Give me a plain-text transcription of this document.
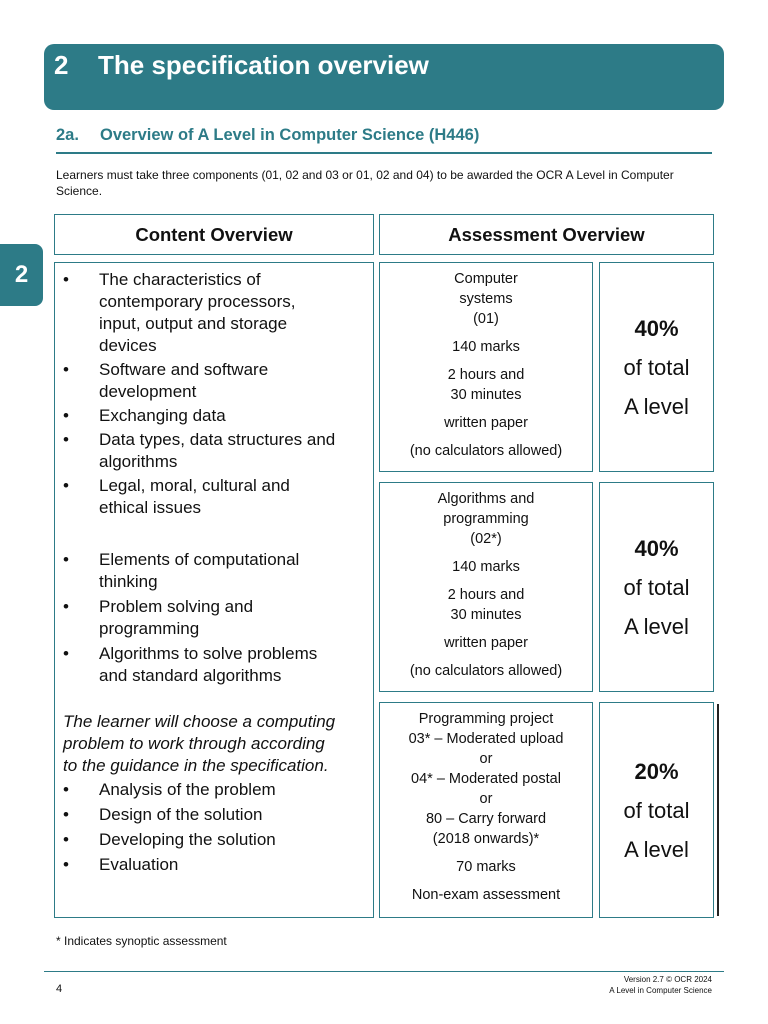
2 The specification overview
2a. Overview of A Level in Computer Science (H446)
Learners must take three components (01, 02 and 03 or 01, 02 and 04) to be awarded the OCR A Level in Computer Science.
2
Content Overview	Assessment Overview
• The characteristics of
contemporary processors,
input, output and storage
devices
• Software and software
development
• Exchanging data
• Data types, data structures and
algorithms
• Legal, moral, cultural and
ethical issues
• Elements of computational
thinking
• Problem solving and
programming
• Algorithms to solve problems
and standard algorithms

The learner will choose a computing
problem to work through according
to the guidance in the specification.

• Analysis of the problem
• Design of the solution
• Developing the solution
• Evaluation
Computer
systems
(01)
140 marks
2 hours and
30 minutes
written paper
(no calculators allowed)
40%
of total
A level
Algorithms and
programming
(02*)
140 marks
2 hours and
30 minutes
written paper
(no calculators allowed)
40%
of total
A level
Programming project
03* – Moderated upload
or
04* – Moderated postal
or
80 – Carry forward
(2018 onwards)*
70 marks
Non-exam assessment
20%
of total
A level
* Indicates synoptic assessment
4
Version 2.7 © OCR 2024
A Level in Computer Science
